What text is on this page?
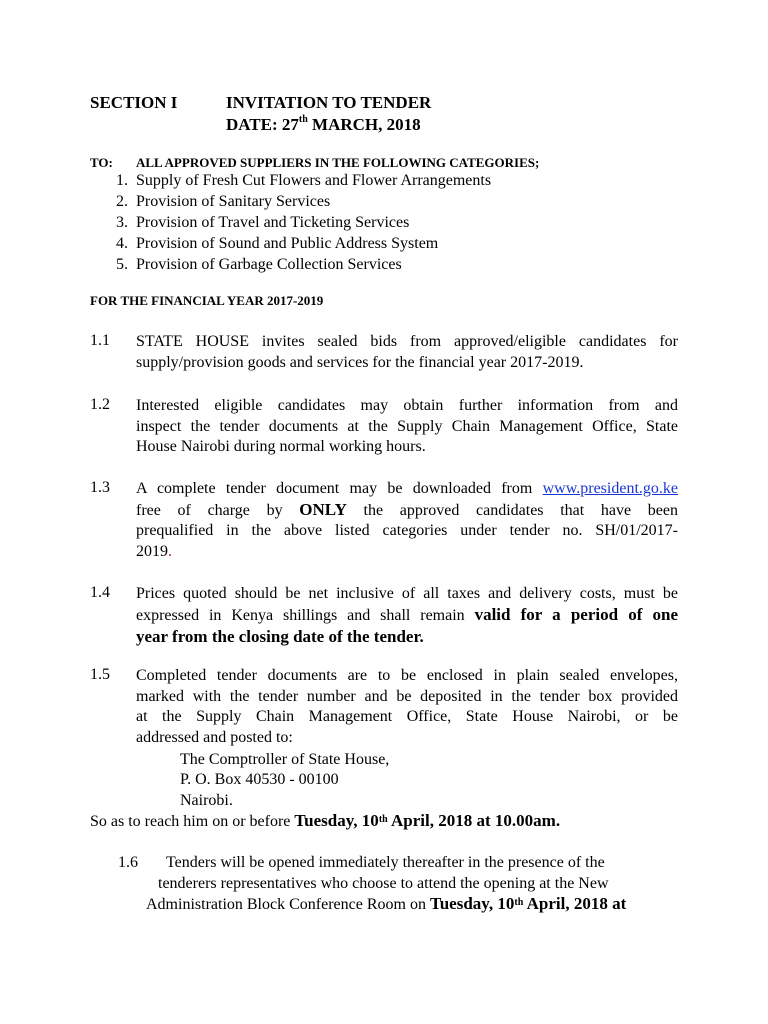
SECTION I	INVITATION TO TENDER
DATE: 27th MARCH, 2018
TO: ALL APPROVED SUPPLIERS IN THE FOLLOWING CATEGORIES;
1. Supply of Fresh Cut Flowers and Flower Arrangements
2. Provision of Sanitary Services
3. Provision of Travel and Ticketing Services
4. Provision of Sound and Public Address System
5. Provision of Garbage Collection Services
FOR THE FINANCIAL YEAR 2017-2019
1.1 STATE HOUSE invites sealed bids from approved/eligible candidates for
supply/provision goods and services for the financial year 2017-2019.
1.2 Interested eligible candidates may obtain further information from and
inspect the tender documents at the Supply Chain Management Office, State
House Nairobi during normal working hours.
1.3 A complete tender document may be downloaded from www.president.go.ke
free of charge by ONLY the approved candidates that have been
prequalified in the above listed categories under tender no. SH/01/2017-
2019.
1.4 Prices quoted should be net inclusive of all taxes and delivery costs, must be
expressed in Kenya shillings and shall remain valid for a period of one
year from the closing date of the tender.
1.5 Completed tender documents are to be enclosed in plain sealed envelopes,
marked with the tender number and be deposited in the tender box provided
at the Supply Chain Management Office, State House Nairobi, or be
addressed and posted to:
The Comptroller of State House,
P. O. Box 40530 - 00100
Nairobi.
So as to reach him on or before Tuesday, 10th April, 2018 at 10.00am.
1.6 Tenders will be opened immediately thereafter in the presence of the
tenderers representatives who choose to attend the opening at the New
Administration Block Conference Room on Tuesday, 10th April, 2018 at
